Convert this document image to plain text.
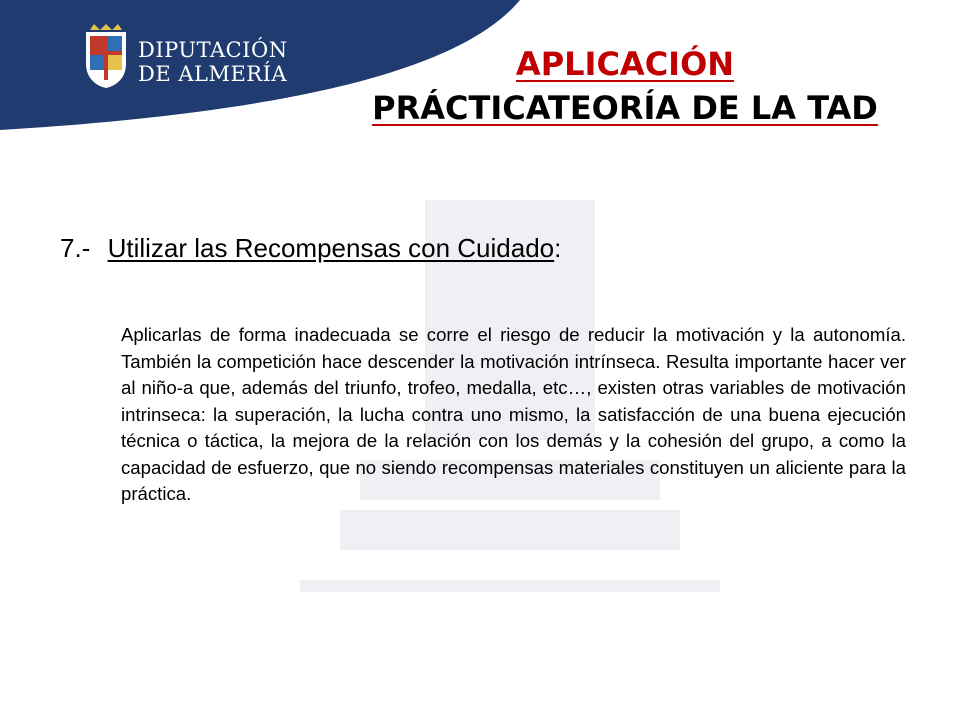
DIPUTACIÓN
DE ALMERÍA	APLICACIÓN
PRÁCTICATEORÍA DE LA TAD
7.- Utilizar las Recompensas con Cuidado:
Aplicarlas de forma inadecuada se corre el riesgo de reducir la motivación y la autonomía. También la competición hace descender la motivación intrínseca. Resulta importante hacer ver al niño-a que, además del triunfo, trofeo, medalla, etc…, existen otras variables de motivación intrinseca: la superación, la lucha contra uno mismo, la satisfacción de una buena ejecución técnica o táctica, la mejora de la relación con los demás y la cohesión del grupo, a como la capacidad de esfuerzo, que no siendo recompensas materiales constituyen un aliciente para la práctica.
